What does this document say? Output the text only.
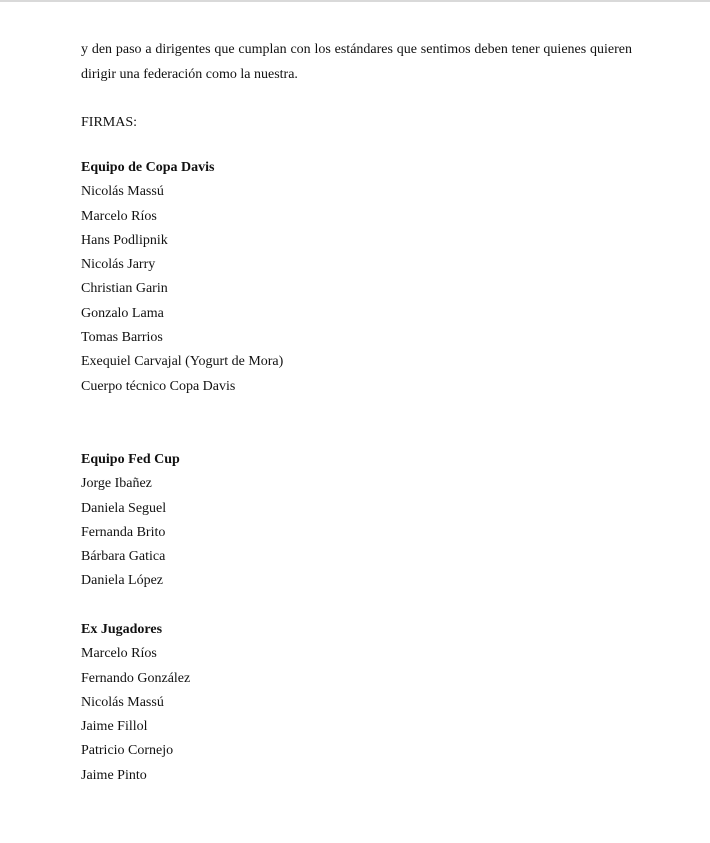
y den paso a dirigentes que cumplan con los estándares que sentimos deben tener quienes quieren dirigir una federación como la nuestra.

FIRMAS:

Equipo de Copa Davis

Nicolás Massú
Marcelo Ríos
Hans Podlipnik
Nicolás Jarry
Christian Garin
Gonzalo Lama
Tomas Barrios
Exequiel Carvajal (Yogurt de Mora)
Cuerpo técnico Copa Davis

Equipo Fed Cup

Jorge Ibañez
Daniela Seguel
Fernanda Brito
Bárbara Gatica
Daniela López

Ex Jugadores

Marcelo Ríos
Fernando González
Nicolás Massú
Jaime Fillol
Patricio Cornejo
Jaime Pinto
